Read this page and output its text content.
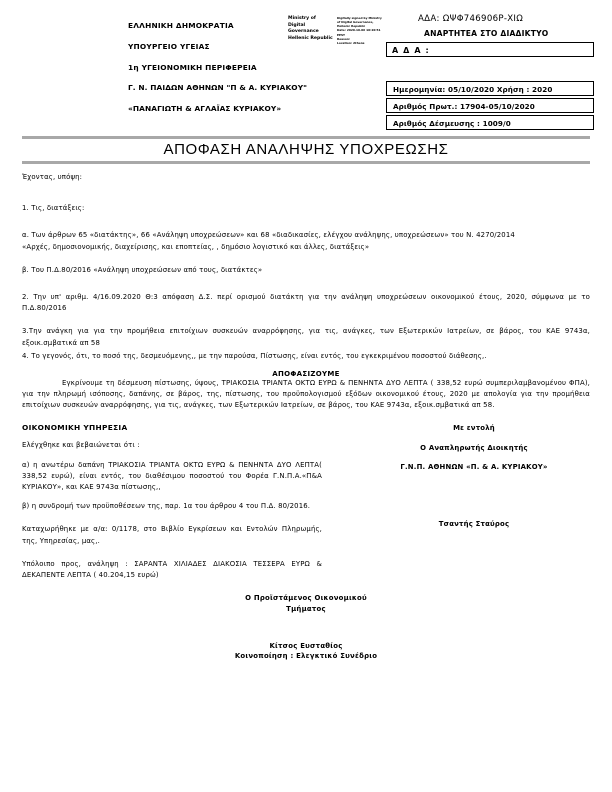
ΕΛΛΗΝΙΚΗ ΔΗΜΟΚΡΑΤΙΑ
ΥΠΟΥΡΓΕΙΟ ΥΓΕΙΑΣ
1η ΥΓΕΙΟΝΟΜΙΚΗ ΠΕΡΙΦΕΡΕΙΑ
Γ. Ν. ΠΑΙΔΩΝ ΑΘΗΝΩΝ "Π & Α. ΚΥΡΙΑΚΟΥ"
«ΠΑΝΑΓΙΩΤΗ & ΑΓΛΑΪΑΣ ΚΥΡΙΑΚΟΥ»
Ministry of Digital
Governance
Hellenic Republic
Digitally signed by Ministry
of Digital Governance,
Hellenic Republic
Date: 2020.10.06 10:20:51
EEST
Reason:
Location: Athens
ΑΔΑ: ΩΨΦ746906Ρ-ΧΙΩ
ΑΝΑΡΤΗΤΕΑ ΣΤΟ ΔΙΑΔΙΚΤΥΟ
Α Δ Α :
Ημερομηνία: 05/10/2020 Χρήση : 2020
Αριθμός Πρωτ.: 17904-05/10/2020
Αριθμός Δέσμευσης : 1009/0
ΑΠΟΦΑΣΗ ΑΝΑΛΗΨΗΣ ΥΠΟΧΡΕΩΣΗΣ

Έχοντας, υπόψη:

1. Τις, διατάξεις:

α. Των άρθρων 65 «διατάκτης», 66 «Ανάληψη υποχρεώσεων» και 68 «διαδικασίες, ελέγχου ανάληψης, υποχρεώσεων» του Ν. 4270/2014

«Αρχές, δημοσιονομικής, διαχείρισης, και εποπτείας, , δημόσιο λογιστικό και άλλες, διατάξεις»

β. Του Π.Δ.80/2016 «Ανάληψη υποχρεώσεων από τους, διατάκτες»

2. Την υπ' αριθμ. 4/16.09.2020 Θ:3 απόφαση Δ.Σ. περί ορισμού διατάκτη για την ανάληψη υποχρεώσεων οικονομικού έτους, 2020, σύμφωνα με το Π.Δ.80/2016

3.Την ανάγκη για για την προμήθεια επιτοίχιων συσκευών αναρρόφησης, για τις, ανάγκες, των Εξωτερικών Ιατρείων, σε βάρος, του ΚΑΕ 9743α, εξοικ.σμβατικά απ 58

4. Το γεγονός, ότι, το ποσό της, δεσμευόμενης,, με την παρούσα, Πίστωσης, είναι εντός, του εγκεκριμένου ποσοστού διάθεσης,.

ΑΠΟΦΑΣΙΖΟΥΜΕ

Εγκρίνουμε τη δέσμευση πίστωσης, ύψους, ΤΡΙΑΚΟΣΙΑ ΤΡΙΑΝΤΑ ΟΚΤΩ ΕΥΡΩ & ΠΕΝΗΝΤΑ ΔΥΟ ΛΕΠΤΑ ( 338,52 ευρώ συμπεριλαμβανομένου ΦΠΑ), για την πληρωμή ισόποσης, δαπάνης, σε βάρος, της, πίστωσης, του προϋπολογισμού εξόδων οικονομικού έτους, 2020 με απολογία για την προμήθεια επιτοίχιων συσκευών αναρρόφησης, για τις, ανάγκες, των Εξωτερικών Ιατρείων, σε βάρος, του ΚΑΕ 9743α, εξοικ.σμβατικά απ 58.

Με εντολή

Ο Αναπληρωτής Διοικητής

Γ.Ν.Π. ΑΘΗΝΩΝ «Π. & Α. ΚΥΡΙΑΚΟΥ»

Τσαντής Σταύρος

ΟΙΚΟΝΟΜΙΚΗ ΥΠΗΡΕΣΙΑ

Ελέγχθηκε και βεβαιώνεται ότι :

α) η ανωτέρω δαπάνη ΤΡΙΑΚΟΣΙΑ ΤΡΙΑΝΤΑ ΟΚΤΩ ΕΥΡΩ & ΠΕΝΗΝΤΑ ΔΥΟ ΛΕΠΤΑ( 338,52 ευρώ), είναι εντός, του διαθέσιμου ποσοστού του Φορέα Γ.Ν.Π.Α.«Π&Α ΚΥΡΙΑΚΟΥ», και ΚΑΕ 9743α πίστωσης,,

β) η συνδρομή των προϋποθέσεων της, παρ. 1α του άρθρου 4 του Π.Δ. 80/2016.

Καταχωρήθηκε με α/α: 0/1178, στο Βιβλίο Εγκρίσεων και Εντολών Πληρωμής, της, Υπηρεσίας, μας,.

Υπόλοιπο προς, ανάληψη : ΣΑΡΑΝΤΑ ΧΙΛΙΑΔΕΣ ΔΙΑΚΟΣΙΑ ΤΕΣΣΕΡΑ ΕΥΡΩ & ΔΕΚΑΠΕΝΤΕ ΛΕΠΤΑ ( 40.204,15 ευρώ)

Ο Προϊστάμενος Οικονομικού

Τμήματος

Κίτσος Ευσταθίος

Κοινοποίηση : Ελεγκτικό Συνέδριο
